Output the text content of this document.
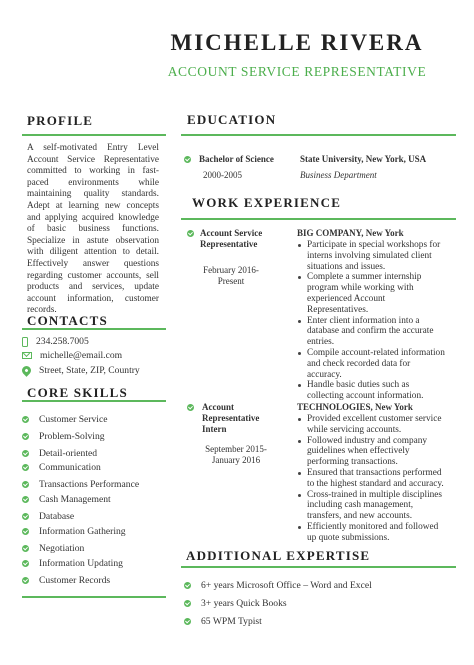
MICHELLE RIVERA
ACCOUNT SERVICE REPRESENTATIVE
PROFILE
A self-motivated Entry Level Account Service Representative committed to working in fast-paced environments while maintaining quality standards. Adept at learning new concepts and applying acquired knowledge of basic business functions. Specialize in astute observation with diligent attention to detail. Effectively answer questions regarding customer accounts, sell products and services, update account information, customer records.
CONTACTS
234.258.7005
michelle@email.com
Street, State, ZIP, Country
CORE SKILLS
Customer Service
Problem-Solving
Detail-oriented
Communication
Transactions Performance
Cash Management
Database
Information Gathering
Negotiation
Information Updating
Customer Records
EDUCATION
Bachelor of Science
2000-2005
State University, New York, USA
Business Department
WORK EXPERIENCE
Account Service Representative
February 2016- Present
BIG COMPANY, New York
Participate in special workshops for interns involving simulated client situations and issues.
Complete a summer internship program while working with experienced Account Representatives.
Enter client information into a database and confirm the accurate entries.
Compile account-related information and check recorded data for accuracy.
Handle basic duties such as collecting account information.
Account Representative Intern
September 2015- January 2016
TECHNOLOGIES, New York
Provided excellent customer service while servicing accounts.
Followed industry and company guidelines when effectively performing transactions.
Ensured that transactions performed to the highest standard and accuracy.
Cross-trained in multiple disciplines including cash management, transfers, and new accounts.
Efficiently monitored and followed up quote submissions.
ADDITIONAL EXPERTISE
6+ years Microsoft Office – Word and Excel
3+ years Quick Books
65 WPM Typist
